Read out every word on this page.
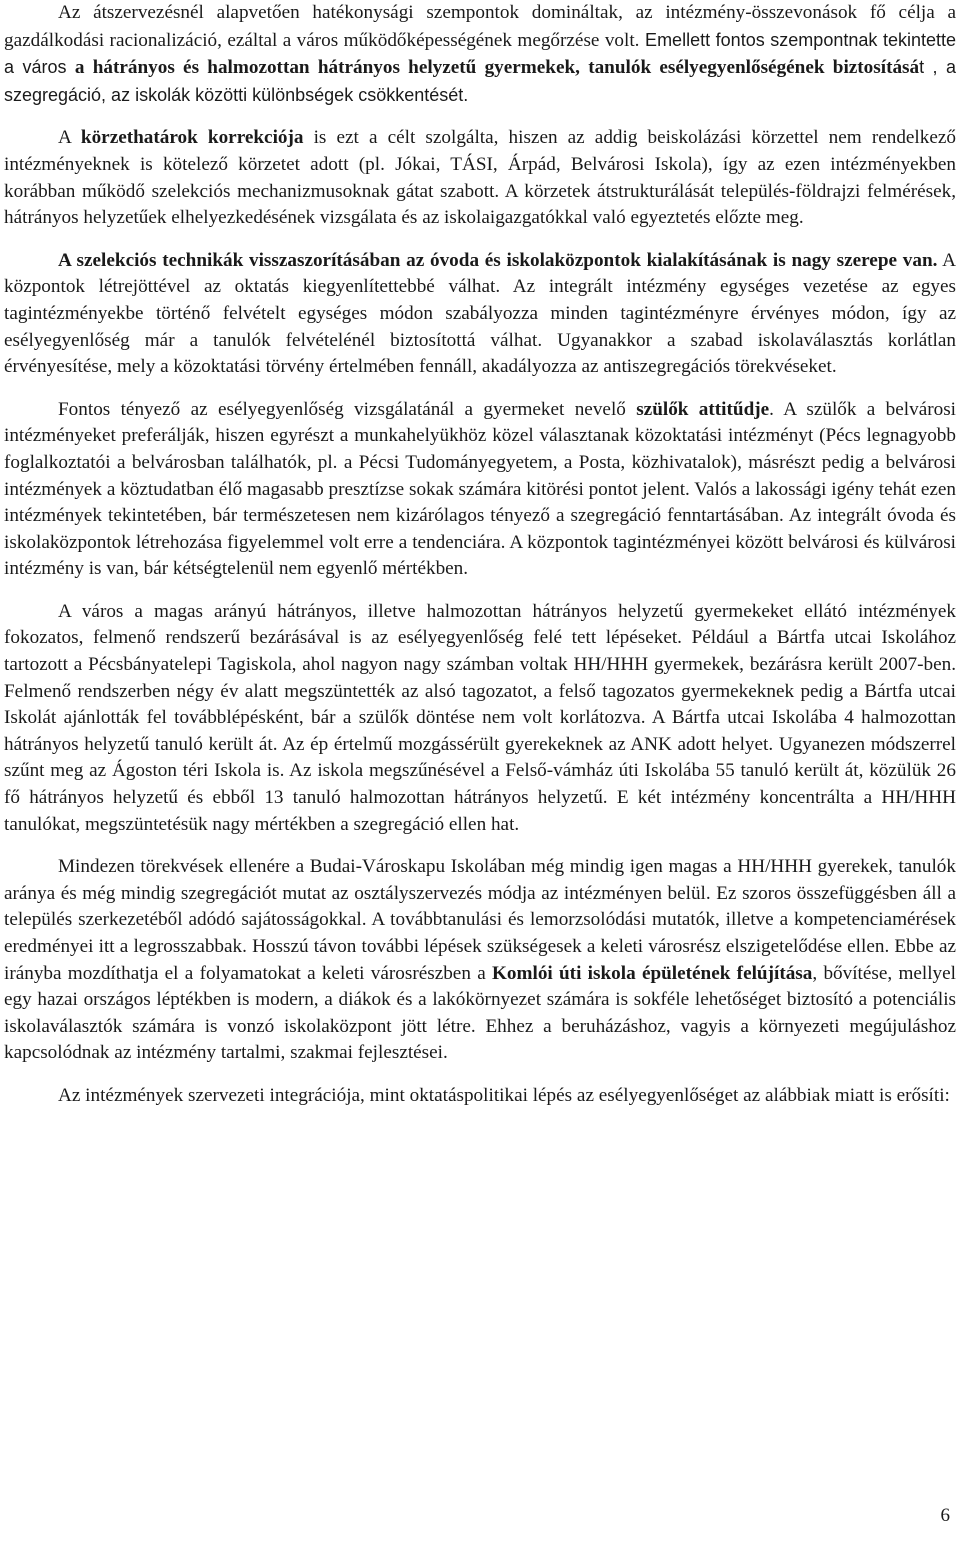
Az átszervezésnél alapvetően hatékonysági szempontok domináltak, az intézmény-összevonások fő célja a gazdálkodási racionalizáció, ezáltal a város működőképességének megőrzése volt. Emellett fontos szempontnak tekintette a város a hátrányos és halmozottan hátrányos helyzetű gyermekek, tanulók esélyegyenlőségének biztosítását , a szegregáció, az iskolák közötti különbségek csökkentését.

A körzethatárok korrekciója is ezt a célt szolgálta, hiszen az addig beiskolázási körzettel nem rendelkező intézményeknek is kötelező körzetet adott (pl. Jókai, TÁSI, Árpád, Belvárosi Iskola), így az ezen intézményekben korábban működő szelekciós mechanizmusoknak gátat szabott. A körzetek átstrukturálását település-földrajzi felmérések, hátrányos helyzetűek elhelyezkedésének vizsgálata és az iskolaigazgatókkal való egyeztetés előzte meg.

A szelekciós technikák visszaszorításában az óvoda és iskolaközpontok kialakításának is nagy szerepe van. A központok létrejöttével az oktatás kiegyenlítettebbé válhat. Az integrált intézmény egységes vezetése az egyes tagintézményekbe történő felvételt egységes módon szabályozza minden tagintézményre érvényes módon, így az esélyegyenlőség már a tanulók felvételénél biztosítottá válhat. Ugyanakkor a szabad iskolaválasztás korlátlan érvényesítése, mely a közoktatási törvény értelmében fennáll, akadályozza az antiszegregációs törekvéseket.

Fontos tényező az esélyegyenlőség vizsgálatánál a gyermeket nevelő szülők attitűdje. A szülők a belvárosi intézményeket preferálják, hiszen egyrészt a munkahelyükhöz közel választanak közoktatási intézményt (Pécs legnagyobb foglalkoztatói a belvárosban találhatók, pl. a Pécsi Tudományegyetem, a Posta, közhivatalok), másrészt pedig a belvárosi intézmények a köztudatban élő magasabb presztízse sokak számára kitörési pontot jelent. Valós a lakossági igény tehát ezen intézmények tekintetében, bár természetesen nem kizárólagos tényező a szegregáció fenntartásában. Az integrált óvoda és iskolaközpontok létrehozása figyelemmel volt erre a tendenciára. A központok tagintézményei között belvárosi és külvárosi intézmény is van, bár kétségtelenül nem egyenlő mértékben.

A város a magas arányú hátrányos, illetve halmozottan hátrányos helyzetű gyermekeket ellátó intézmények fokozatos, felmenő rendszerű bezárásával is az esélyegyenlőség felé tett lépéseket. Például a Bártfa utcai Iskolához tartozott a Pécsbányatelepi Tagiskola, ahol nagyon nagy számban voltak HH/HHH gyermekek, bezárásra került 2007-ben. Felmenő rendszerben négy év alatt megszüntették az alsó tagozatot, a felső tagozatos gyermekeknek pedig a Bártfa utcai Iskolát ajánlották fel továbblépésként, bár a szülők döntése nem volt korlátozva. A Bártfa utcai Iskolába 4 halmozottan hátrányos helyzetű tanuló került át. Az ép értelmű mozgássérült gyerekeknek az ANK adott helyet. Ugyanezen módszerrel szűnt meg az Ágoston téri Iskola is. Az iskola megszűnésével a Felső-vámház úti Iskolába 55 tanuló került át, közülük 26 fő hátrányos helyzetű és ebből 13 tanuló halmozottan hátrányos helyzetű. E két intézmény koncentrálta a HH/HHH tanulókat, megszüntetésük nagy mértékben a szegregáció ellen hat.

Mindezen törekvések ellenére a Budai-Városkapu Iskolában még mindig igen magas a HH/HHH gyerekek, tanulók aránya és még mindig szegregációt mutat az osztályszervezés módja az intézményen belül. Ez szoros összefüggésben áll a település szerkezetéből adódó sajátosságokkal. A továbbtanulási és lemorzsolódási mutatók, illetve a kompetenciamérések eredményei itt a legrosszabbak. Hosszú távon további lépések szükségesek a keleti városrész elszigetelődése ellen. Ebbe az irányba mozdíthatja el a folyamatokat a keleti városrészben a Komlói úti iskola épületének felújítása, bővítése, mellyel egy hazai országos léptékben is modern, a diákok és a lakókörnyezet számára is sokféle lehetőséget biztosító a potenciális iskolaválasztók számára is vonzó iskolaközpont jött létre. Ehhez a beruházáshoz, vagyis a környezeti megújuláshoz kapcsolódnak az intézmény tartalmi, szakmai fejlesztései.

Az intézmények szervezeti integrációja, mint oktatáspolitikai lépés az esélyegyenlőséget az alábbiak miatt is erősíti:

6
